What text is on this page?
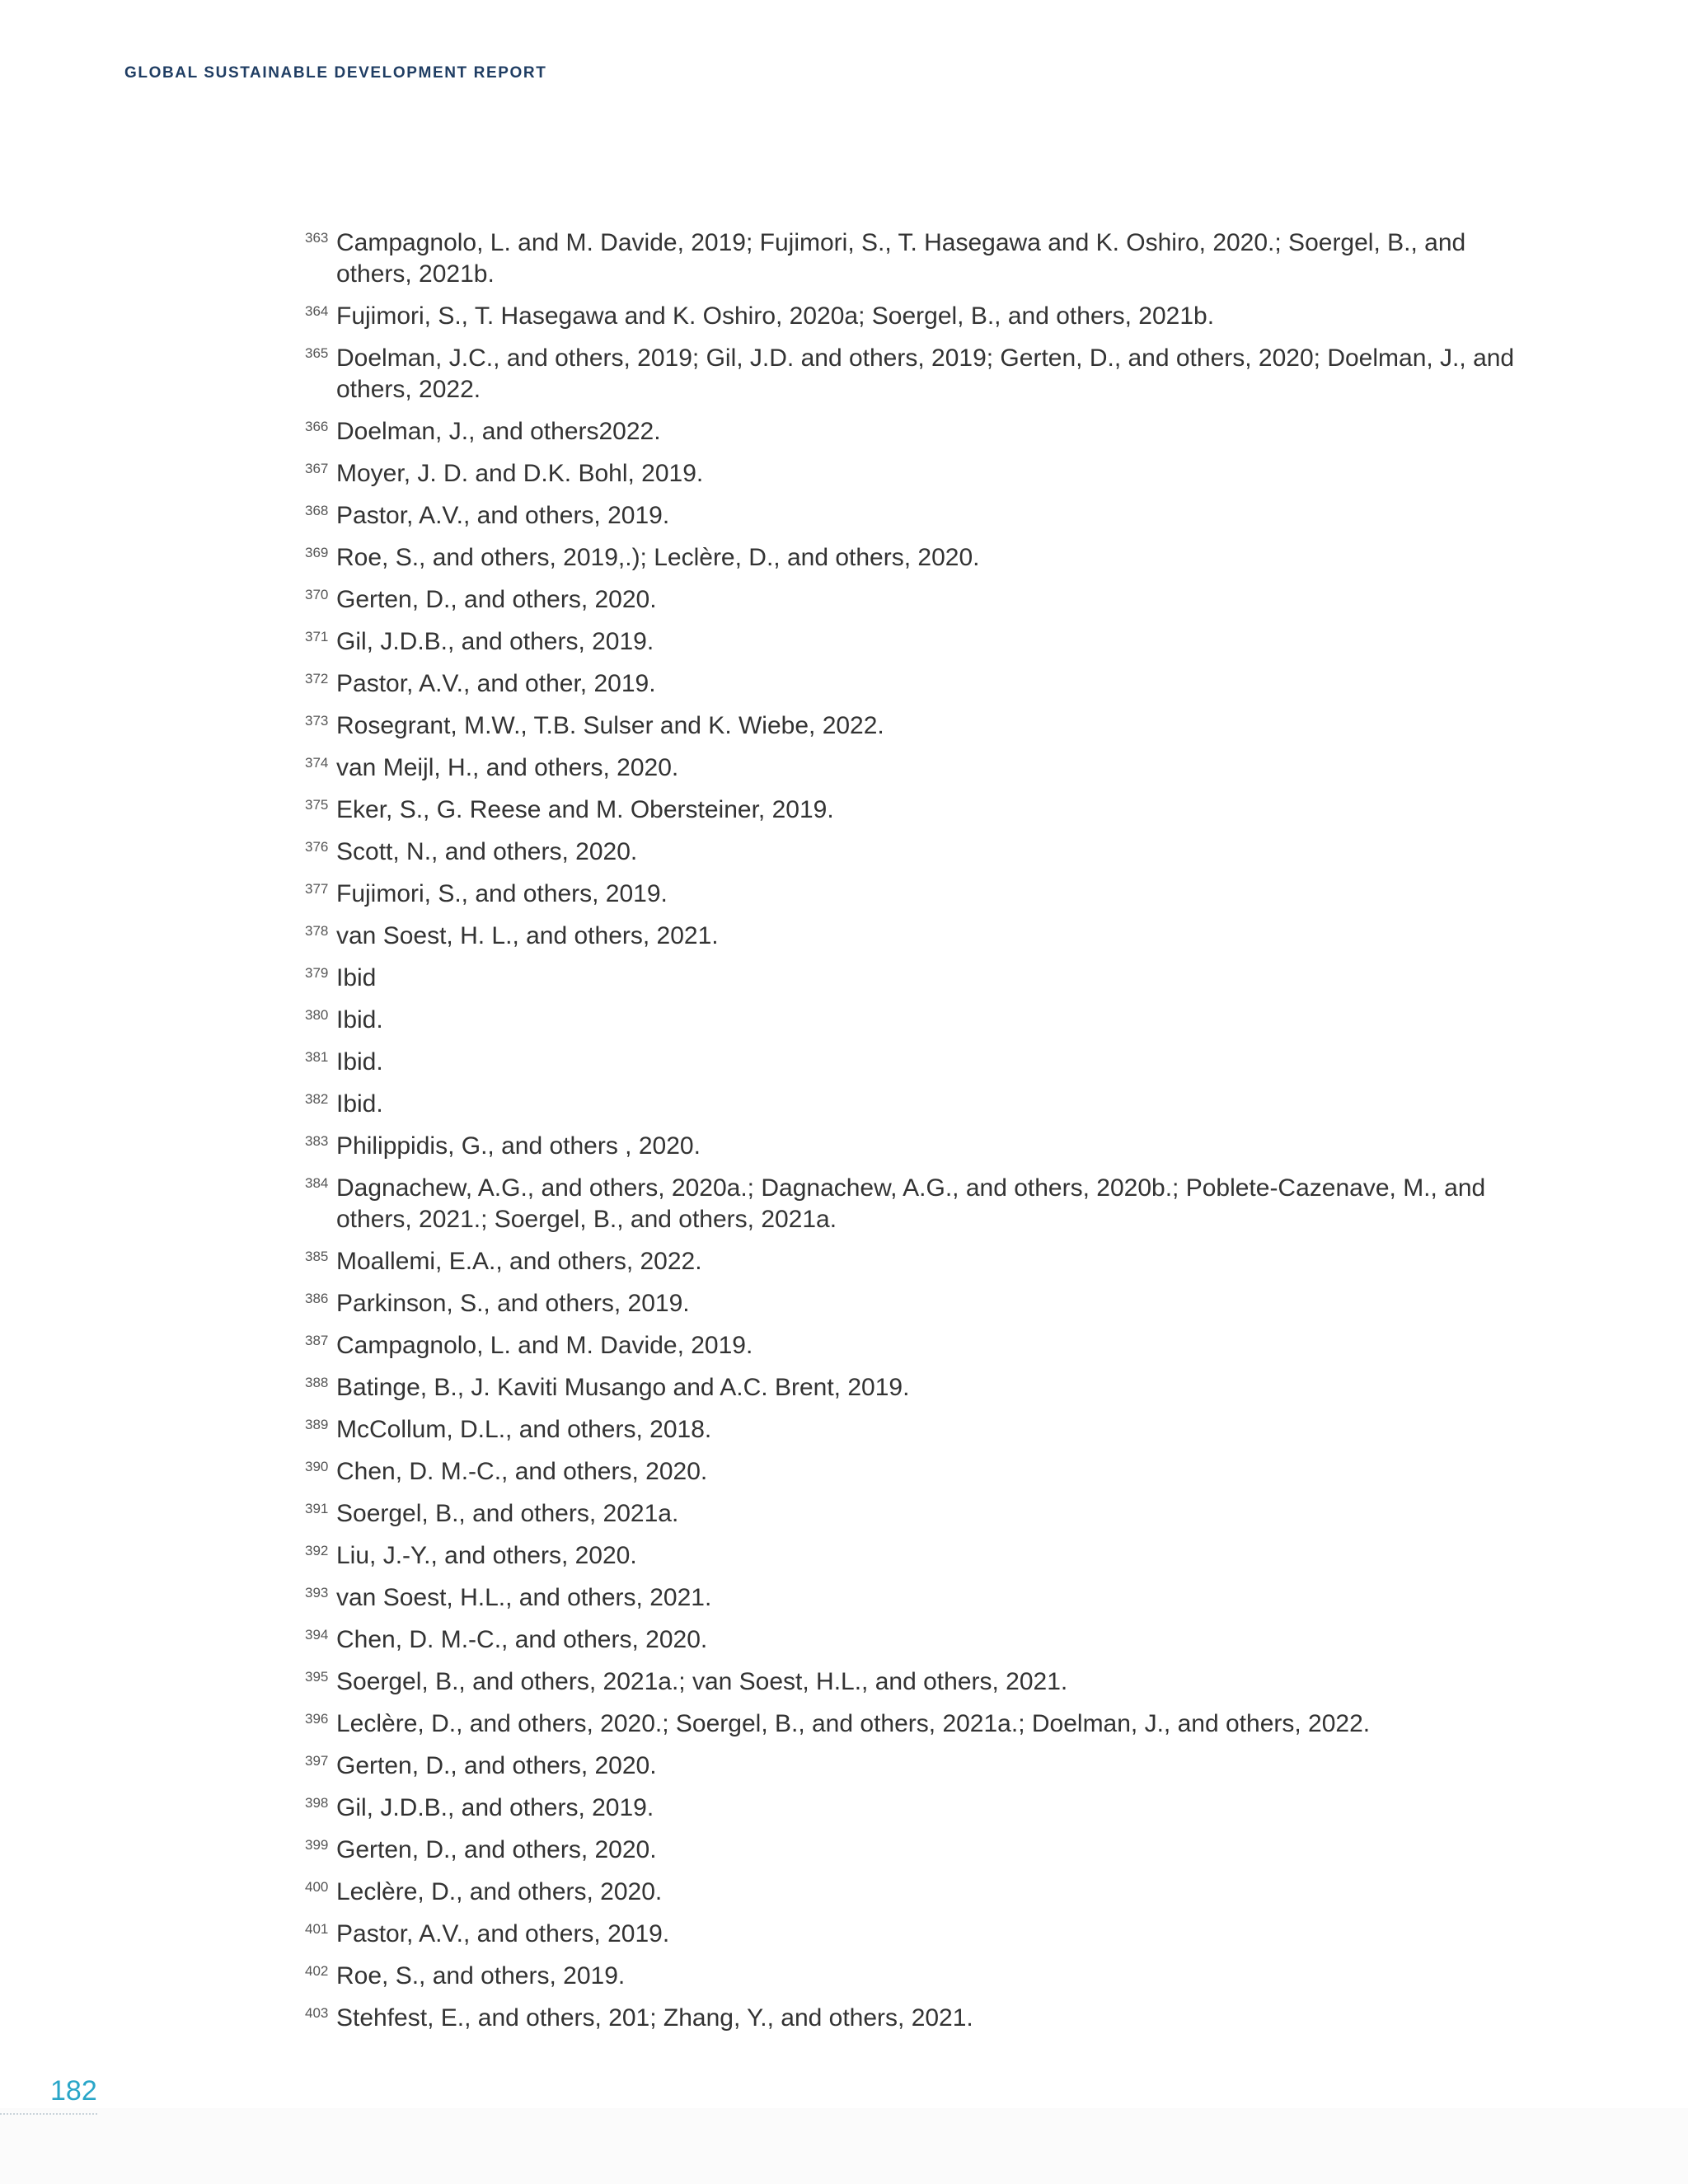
GLOBAL SUSTAINABLE DEVELOPMENT REPORT
363 Campagnolo, L. and M. Davide, 2019; Fujimori, S., T. Hasegawa and K. Oshiro, 2020.; Soergel, B., and others, 2021b.
364 Fujimori, S., T. Hasegawa and K. Oshiro, 2020a; Soergel, B., and others, 2021b.
365 Doelman, J.C., and others, 2019; Gil, J.D. and others, 2019; Gerten, D., and others, 2020; Doelman, J., and others, 2022.
366 Doelman, J., and others2022.
367 Moyer, J. D. and D.K. Bohl, 2019.
368 Pastor, A.V., and others, 2019.
369 Roe, S., and others, 2019,.); Leclère, D., and others, 2020.
370 Gerten, D., and others, 2020.
371 Gil, J.D.B., and others, 2019.
372 Pastor, A.V., and other, 2019.
373 Rosegrant, M.W., T.B. Sulser and K. Wiebe, 2022.
374 van Meijl, H., and others, 2020.
375 Eker, S., G. Reese and M. Obersteiner, 2019.
376 Scott, N., and others, 2020.
377 Fujimori, S., and others, 2019.
378 van Soest, H. L., and others, 2021.
379 Ibid
380 Ibid.
381 Ibid.
382 Ibid.
383 Philippidis, G., and others , 2020.
384 Dagnachew, A.G., and others, 2020a.; Dagnachew, A.G., and others, 2020b.; Poblete-Cazenave, M., and others, 2021.; Soergel, B., and others, 2021a.
385 Moallemi, E.A., and others, 2022.
386 Parkinson, S., and others, 2019.
387 Campagnolo, L. and M. Davide, 2019.
388 Batinge, B., J. Kaviti Musango and A.C. Brent, 2019.
389 McCollum, D.L., and others, 2018.
390 Chen, D. M.-C., and others, 2020.
391 Soergel, B., and others, 2021a.
392 Liu, J.-Y., and others, 2020.
393 van Soest, H.L., and others, 2021.
394 Chen, D. M.-C., and others, 2020.
395 Soergel, B., and others, 2021a.; van Soest, H.L., and others, 2021.
396 Leclère, D., and others, 2020.; Soergel, B., and others, 2021a.; Doelman, J., and others, 2022.
397 Gerten, D., and others, 2020.
398 Gil, J.D.B., and others, 2019.
399 Gerten, D., and others, 2020.
400 Leclère, D., and others, 2020.
401 Pastor, A.V., and others, 2019.
402 Roe, S., and others, 2019.
403 Stehfest, E., and others, 201; Zhang, Y., and others, 2021.
182
